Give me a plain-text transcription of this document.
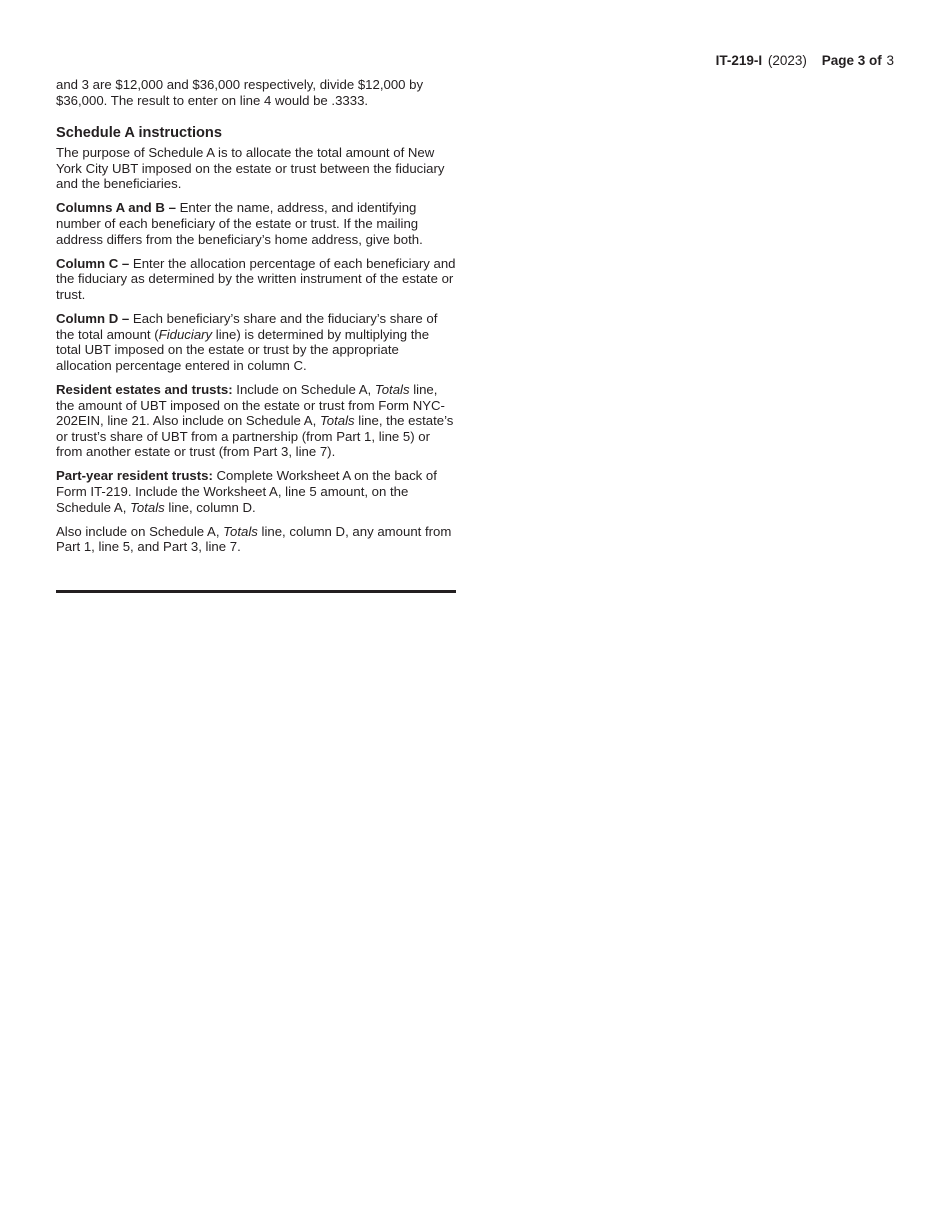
IT-219-I (2023) Page 3 of 3

and 3 are $12,000 and $36,000 respectively, divide $12,000 by $36,000. The result to enter on line 4 would be .3333.

Schedule A instructions

The purpose of Schedule A is to allocate the total amount of New York City UBT imposed on the estate or trust between the fiduciary and the beneficiaries.

Columns A and B – Enter the name, address, and identifying number of each beneficiary of the estate or trust. If the mailing address differs from the beneficiary’s home address, give both.

Column C – Enter the allocation percentage of each beneficiary and the fiduciary as determined by the written instrument of the estate or trust.

Column D – Each beneficiary’s share and the fiduciary’s share of the total amount (Fiduciary line) is determined by multiplying the total UBT imposed on the estate or trust by the appropriate allocation percentage entered in column C.

Resident estates and trusts: Include on Schedule A, Totals line, the amount of UBT imposed on the estate or trust from Form NYC-202EIN, line 21. Also include on Schedule A, Totals line, the estate’s or trust’s share of UBT from a partnership (from Part 1, line 5) or from another estate or trust (from Part 3, line 7).

Part-year resident trusts: Complete Worksheet A on the back of Form IT-219. Include the Worksheet A, line 5 amount, on the Schedule A, Totals line, column D.

Also include on Schedule A, Totals line, column D, any amount from Part 1, line 5, and Part 3, line 7.
